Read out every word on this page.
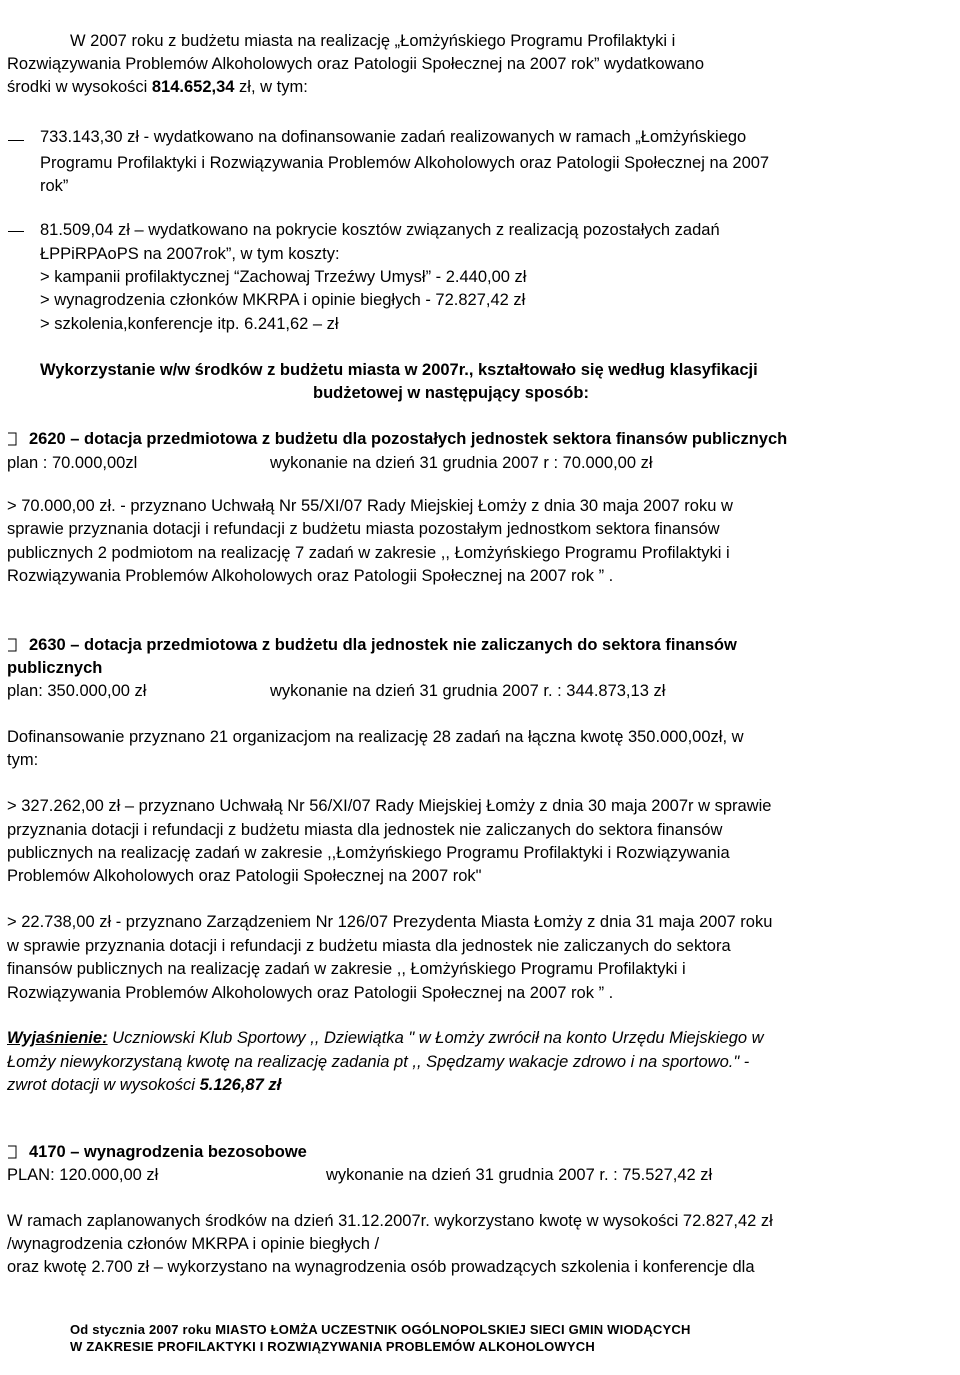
W 2007 roku z budżetu miasta na realizację „Łomżyńskiego Programu Profilaktyki i
Rozwiązywania Problemów Alkoholowych oraz Patologii Społecznej na 2007 rok” wydatkowano
środki w wysokości 814.652,34 zł, w tym:
733.143,30 zł - wydatkowano na dofinansowanie zadań realizowanych w ramach „Łomżyńskiego
Programu Profilaktyki i Rozwiązywania Problemów Alkoholowych oraz Patologii Społecznej na 2007
rok”
81.509,04 zł – wydatkowano na pokrycie kosztów związanych z realizacją pozostałych zadań
ŁPPiRPAoPS na 2007rok”, w tym koszty:
> kampanii profilaktycznej “Zachowaj Trzeźwy Umysł” - 2.440,00 zł
> wynagrodzenia członków MKRPA i opinie biegłych - 72.827,42 zł
> szkolenia,konferencje itp. 6.241,62 – zł
Wykorzystanie w/w środków z budżetu miasta w 2007r., kształtowało się według klasyfikacji
budżetowej w następujący sposób:
2620 – dotacja przedmiotowa z budżetu dla pozostałych jednostek sektora finansów publicznych
plan : 70.000,00zl	wykonanie na dzień 31 grudnia 2007 r : 70.000,00 zł
> 70.000,00 zł. - przyznano Uchwałą Nr 55/XI/07 Rady Miejskiej Łomży z dnia 30 maja 2007 roku w
sprawie przyznania dotacji i refundacji z budżetu miasta pozostałym jednostkom sektora finansów
publicznych 2 podmiotom na realizację 7 zadań w zakresie ,, Łomżyńskiego Programu Profilaktyki i
Rozwiązywania Problemów Alkoholowych oraz Patologii Społecznej na 2007 rok ” .
2630 – dotacja przedmiotowa z budżetu dla jednostek nie zaliczanych do sektora finansów
publicznych
plan: 350.000,00 zł	wykonanie na dzień 31 grudnia 2007 r. : 344.873,13 zł
Dofinansowanie przyznano 21 organizacjom na realizację 28 zadań na łączna kwotę 350.000,00zł, w
tym:
> 327.262,00 zł – przyznano Uchwałą Nr 56/XI/07 Rady Miejskiej Łomży z dnia 30 maja 2007r w sprawie
przyznania dotacji i refundacji z budżetu miasta dla jednostek nie zaliczanych do sektora finansów
publicznych na realizację zadań w zakresie ,,Łomżyńskiego Programu Profilaktyki i Rozwiązywania
Problemów Alkoholowych oraz Patologii Społecznej na 2007 rok"
> 22.738,00 zł - przyznano Zarządzeniem Nr 126/07 Prezydenta Miasta Łomży z dnia 31 maja 2007 roku
w sprawie przyznania dotacji i refundacji z budżetu miasta dla jednostek nie zaliczanych do sektora
finansów publicznych na realizację zadań w zakresie ,, Łomżyńskiego Programu Profilaktyki i
Rozwiązywania Problemów Alkoholowych oraz Patologii Społecznej na 2007 rok ” .
Wyjaśnienie: Uczniowski Klub Sportowy ,, Dziewiątka " w Łomży zwrócił na konto Urzędu Miejskiego w
Łomży niewykorzystaną kwotę na realizację zadania pt ,, Spędzamy wakacje zdrowo i na sportowo." -
zwrot dotacji w wysokości 5.126,87 zł
4170 – wynagrodzenia bezosobowe
PLAN: 120.000,00 zł	wykonanie na dzień 31 grudnia 2007 r. : 75.527,42 zł
W ramach zaplanowanych środków na dzień 31.12.2007r. wykorzystano kwotę w wysokości 72.827,42 zł
/wynagrodzenia członów MKRPA i opinie biegłych /
oraz kwotę 2.700 zł – wykorzystano na wynagrodzenia osób prowadzących szkolenia i konferencje dla
Od stycznia 2007 roku MIASTO ŁOMŻA UCZESTNIK OGÓLNOPOLSKIEJ SIECI GMIN WIODĄCYCH
W ZAKRESIE PROFILAKTYKI I ROZWIĄZYWANIA PROBLEMÓW ALKOHOLOWYCH
